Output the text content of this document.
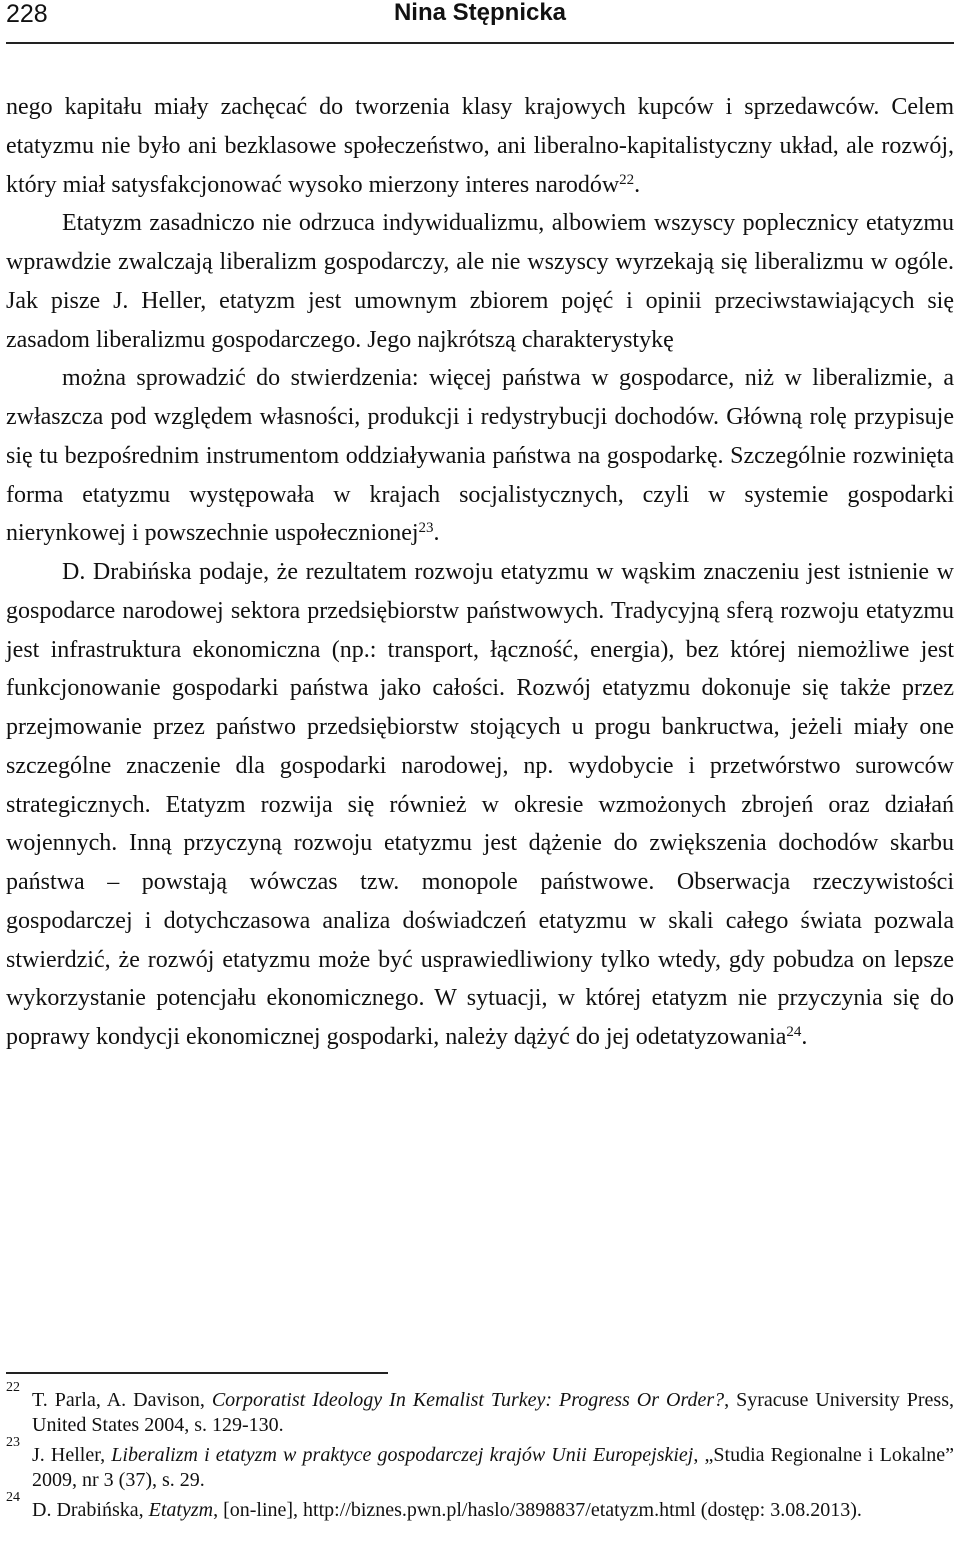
228	Nina Stępnicka

nego kapitału miały zachęcać do tworzenia klasy krajowych kupców i sprzedawców. Celem etatyzmu nie było ani bezklasowe społeczeństwo, ani liberalno-kapitalistyczny układ, ale rozwój, który miał satysfakcjonować wysoko mierzony interes narodów$^{22}$.

Etatyzm zasadniczo nie odrzuca indywidualizmu, albowiem wszyscy poplecznicy etatyzmu wprawdzie zwalczają liberalizm gospodarczy, ale nie wszyscy wyrzekają się liberalizmu w ogóle. Jak pisze J. Heller, etatyzm jest umownym zbiorem pojęć i opinii przeciwstawiających się zasadom liberalizmu gospodarczego. Jego najkrótszą charakterystykę

można sprowadzić do stwierdzenia: więcej państwa w gospodarce, niż w liberalizmie, a zwłaszcza pod względem własności, produkcji i redystrybucji dochodów. Główną rolę przypisuje się tu bezpośrednim instrumentom oddziaływania państwa na gospodarkę. Szczególnie rozwinięta forma etatyzmu występowała w krajach socjalistycznych, czyli w systemie gospodarki nierynkowej i powszechnie uspołecznionej$^{23}$.

D. Drabińska podaje, że rezultatem rozwoju etatyzmu w wąskim znaczeniu jest istnienie w gospodarce narodowej sektora przedsiębiorstw państwowych. Tradycyjną sferą rozwoju etatyzmu jest infrastruktura ekonomiczna (np.: transport, łączność, energia), bez której niemożliwe jest funkcjonowanie gospodarki państwa jako całości. Rozwój etatyzmu dokonuje się także przez przejmowanie przez państwo przedsiębiorstw stojących u progu bankructwa, jeżeli miały one szczególne znaczenie dla gospodarki narodowej, np. wydobycie i przetwórstwo surowców strategicznych. Etatyzm rozwija się również w okresie wzmożonych zbrojeń oraz działań wojennych. Inną przyczyną rozwoju etatyzmu jest dążenie do zwiększenia dochodów skarbu państwa – powstają wówczas tzw. monopole państwowe. Obserwacja rzeczywistości gospodarczej i dotychczasowa analiza doświadczeń etatyzmu w skali całego świata pozwala stwierdzić, że rozwój etatyzmu może być usprawiedliwiony tylko wtedy, gdy pobudza on lepsze wykorzystanie potencjału ekonomicznego. W sytuacji, w której etatyzm nie przyczynia się do poprawy kondycji ekonomicznej gospodarki, należy dążyć do jej odetatyzowania$^{24}$.

22
T. Parla, A. Davison, Corporatist Ideology In Kemalist Turkey: Progress Or Order?, Syracuse University Press, United States 2004, s. 129-130.
23
J. Heller, Liberalizm i etatyzm w praktyce gospodarczej krajów Unii Europejskiej, „Studia Regionalne i Lokalne” 2009, nr 3 (37), s. 29.
24
D. Drabińska, Etatyzm, [on-line], http://biznes.pwn.pl/haslo/3898837/etatyzm.html (dostęp: 3.08.2013).
